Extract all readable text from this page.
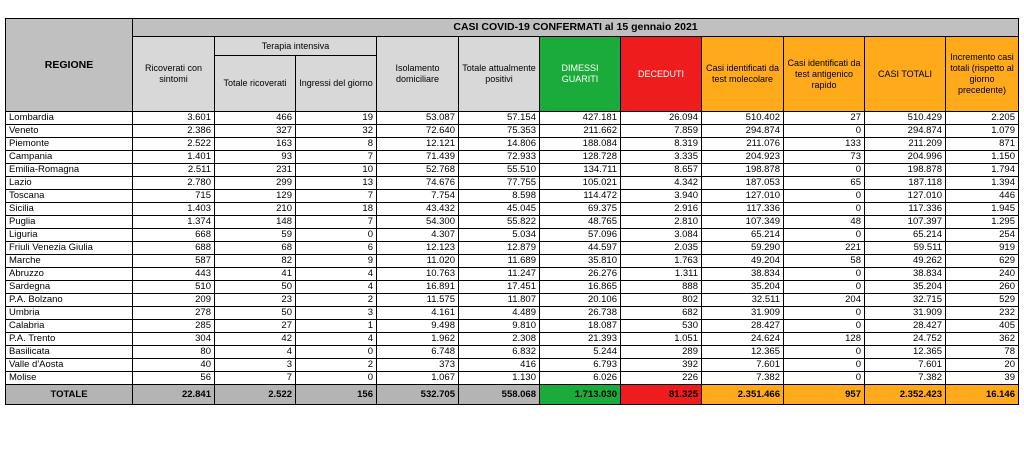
REGIONE	CASI COVID-19 CONFERMATI al 15 gennaio 2021										
	Ricoverati con sintomi	Terapia intensiva		Isolamento domiciliare	Totale attualmente positivi	DIMESSI GUARITI	DECEDUTI	Casi identificati da test molecolare	Casi identificati da test antigenico rapido	CASI TOTALI	Incremento casi totali (rispetto al giorno precedente)
		Totale ricoverati	Ingressi del giorno								
Lombardia	3.601	466	19	53.087	57.154	427.181	26.094	510.402	27	510.429	2.205
Veneto	2.386	327	32	72.640	75.353	211.662	7.859	294.874	0	294.874	1.079
Piemonte	2.522	163	8	12.121	14.806	188.084	8.319	211.076	133	211.209	871
Campania	1.401	93	7	71.439	72.933	128.728	3.335	204.923	73	204.996	1.150
Emilia-Romagna	2.511	231	10	52.768	55.510	134.711	8.657	198.878	0	198.878	1.794
Lazio	2.780	299	13	74.676	77.755	105.021	4.342	187.053	65	187.118	1.394
Toscana	715	129	7	7.754	8.598	114.472	3.940	127.010	0	127.010	446
Sicilia	1.403	210	18	43.432	45.045	69.375	2.916	117.336	0	117.336	1.945
Puglia	1.374	148	7	54.300	55.822	48.765	2.810	107.349	48	107.397	1.295
Liguria	668	59	0	4.307	5.034	57.096	3.084	65.214	0	65.214	254
Friuli Venezia Giulia	688	68	6	12.123	12.879	44.597	2.035	59.290	221	59.511	919
Marche	587	82	9	11.020	11.689	35.810	1.763	49.204	58	49.262	629
Abruzzo	443	41	4	10.763	11.247	26.276	1.311	38.834	0	38.834	240
Sardegna	510	50	4	16.891	17.451	16.865	888	35.204	0	35.204	260
P.A. Bolzano	209	23	2	11.575	11.807	20.106	802	32.511	204	32.715	529
Umbria	278	50	3	4.161	4.489	26.738	682	31.909	0	31.909	232
Calabria	285	27	1	9.498	9.810	18.087	530	28.427	0	28.427	405
P.A. Trento	304	42	4	1.962	2.308	21.393	1.051	24.624	128	24.752	362
Basilicata	80	4	0	6.748	6.832	5.244	289	12.365	0	12.365	78
Valle d'Aosta	40	3	2	373	416	6.793	392	7.601	0	7.601	20
Molise	56	7	0	1.067	1.130	6.026	226	7.382	0	7.382	39
TOTALE	22.841	2.522	156	532.705	558.068	1.713.030	81.325	2.351.466	957	2.352.423	16.146
